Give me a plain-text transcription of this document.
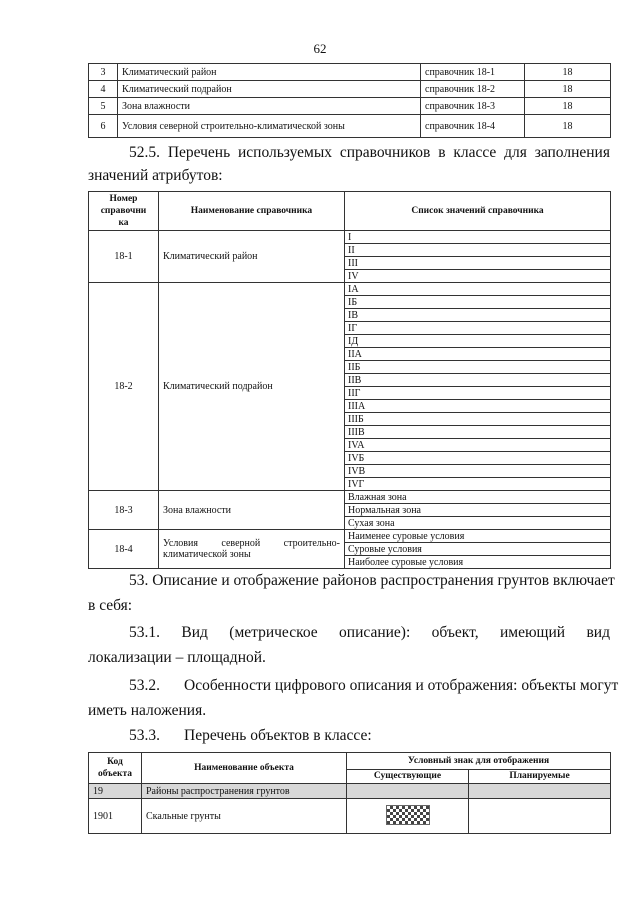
62
3	Климатический район	справочник 18-1	18
4	Климатический подрайон	справочник 18-2	18
5	Зона влажности	справочник 18-3	18
6	Условия северной строительно-климатической зоны	справочник 18-4	18
52.5. Перечень используемых справочников в классе для заполнения
значений атрибутов:
Номер
справочни
ка	Наименование справочника	Список значений справочника
18-1	Климатический район	I
		II
		III
		IV
18-2	Климатический подрайон	IA
		IБ
		IB
		IГ
		IД
		IIA
		IIБ
		IIB
		IIГ
		IIIA
		IIIБ
		IIIB
		IVA
		IVБ
		IVB
		IVГ
18-3	Зона влажности	Влажная зона
		Нормальная зона
		Сухая зона
18-4	Условия северной строительно-
климатической зоны	Наименее суровые условия
		Суровые условия
		Наиболее суровые условия
53. Описание и отображение районов распространения грунтов включает
в себя:
53.1. Вид (метрическое описание): объект, имеющий вид
локализации – площадной.
53.2. Особенности цифрового описания и отображения: объекты могут
иметь наложения.
53.3. Перечень объектов в классе:
Код
объекта	Наименование объекта	Условный знак для отображения	
		Существующие	Планируемые
19	Районы распространения грунтов		
1901	Скальные грунты		
